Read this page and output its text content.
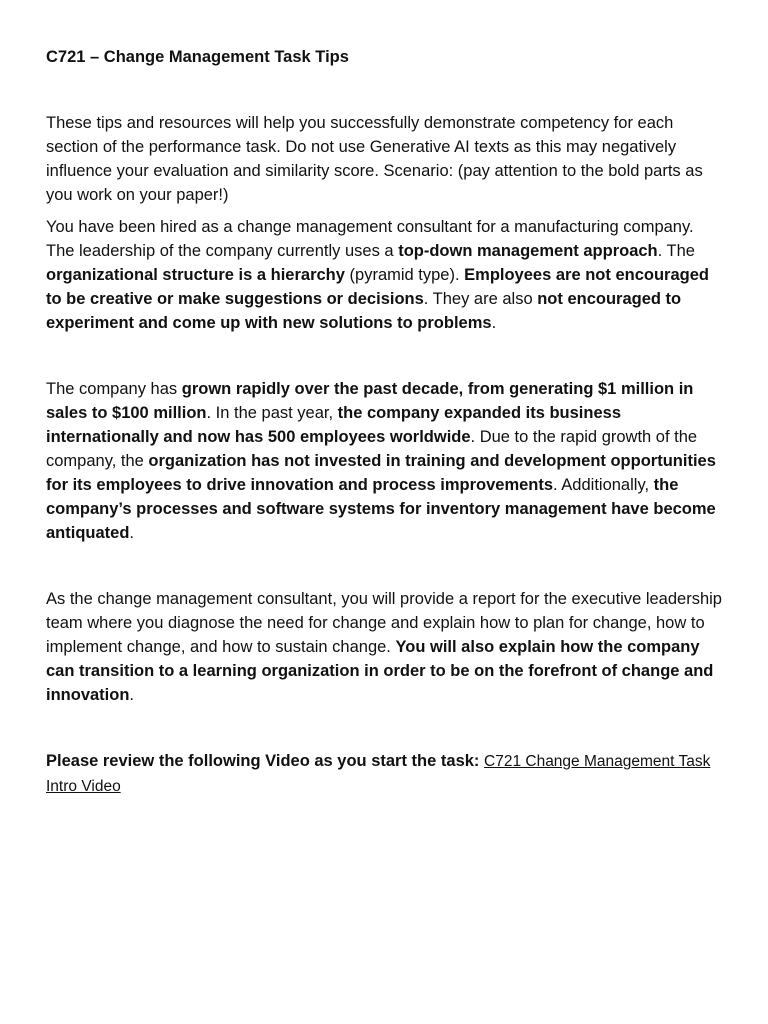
C721 – Change Management Task Tips

These tips and resources will help you successfully demonstrate competency for each section of the performance task. Do not use Generative AI texts as this may negatively influence your evaluation and similarity score. Scenario: (pay attention to the bold parts as you work on your paper!)

You have been hired as a change management consultant for a manufacturing company. The leadership of the company currently uses a top-down management approach. The organizational structure is a hierarchy (pyramid type). Employees are not encouraged to be creative or make suggestions or decisions. They are also not encouraged to experiment and come up with new solutions to problems.

The company has grown rapidly over the past decade, from generating $1 million in sales to $100 million. In the past year, the company expanded its business internationally and now has 500 employees worldwide. Due to the rapid growth of the company, the organization has not invested in training and development opportunities for its employees to drive innovation and process improvements. Additionally, the company’s processes and software systems for inventory management have become antiquated.

As the change management consultant, you will provide a report for the executive leadership team where you diagnose the need for change and explain how to plan for change, how to implement change, and how to sustain change. You will also explain how the company can transition to a learning organization in order to be on the forefront of change and innovation.

Please review the following Video as you start the task: C721 Change Management Task Intro Video
